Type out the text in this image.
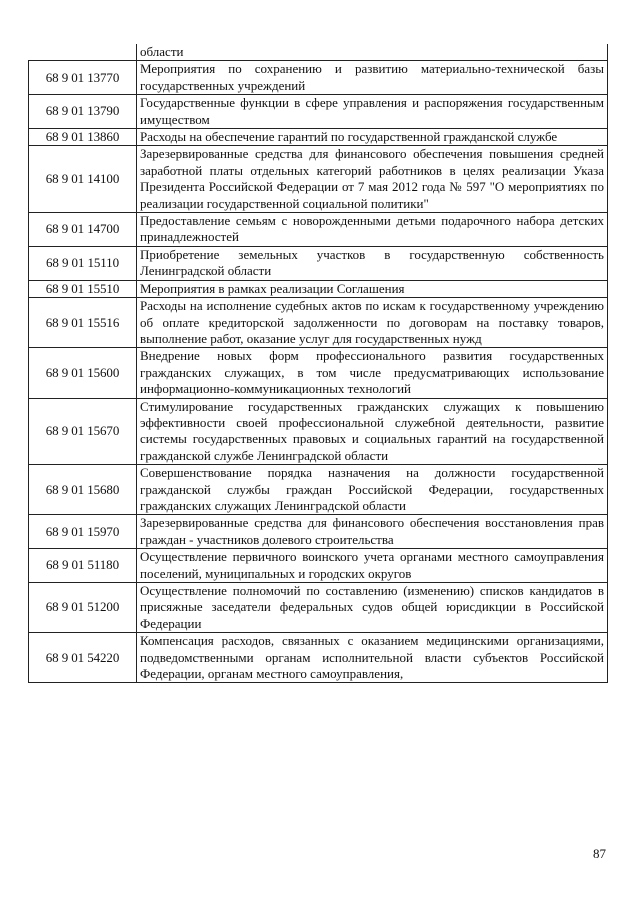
	области
68 9 01 13770	Мероприятия по сохранению и развитию материально-технической базы государственных учреждений
68 9 01 13790	Государственные функции в сфере управления и распоряжения государственным имуществом
68 9 01 13860	Расходы на обеспечение гарантий по государственной гражданской службе
68 9 01 14100	Зарезервированные средства для финансового обеспечения повышения средней заработной платы отдельных категорий работников в целях реализации Указа Президента Российской Федерации от 7 мая 2012 года № 597 "О мероприятиях по реализации государственной социальной политики"
68 9 01 14700	Предоставление семьям с новорожденными детьми подарочного набора детских принадлежностей
68 9 01 15110	Приобретение земельных участков в государственную собственность Ленинградской области
68 9 01 15510	Мероприятия в рамках реализации Соглашения
68 9 01 15516	Расходы на исполнение судебных актов по искам к государственному учреждению об оплате кредиторской задолженности по договорам на поставку товаров, выполнение работ, оказание услуг для государственных нужд
68 9 01 15600	Внедрение новых форм профессионального развития государственных гражданских служащих, в том числе предусматривающих использование информационно-коммуникационных технологий
68 9 01 15670	Стимулирование государственных гражданских служащих к повышению эффективности своей профессиональной служебной деятельности, развитие системы государственных правовых и социальных гарантий на государственной гражданской службе Ленинградской области
68 9 01 15680	Совершенствование порядка назначения на должности государственной гражданской службы граждан Российской Федерации, государственных гражданских служащих Ленинградской области
68 9 01 15970	Зарезервированные средства для финансового обеспечения восстановления прав граждан - участников долевого строительства
68 9 01 51180	Осуществление первичного воинского учета органами местного самоуправления поселений, муниципальных и городских округов
68 9 01 51200	Осуществление полномочий по составлению (изменению) списков кандидатов в присяжные заседатели федеральных судов общей юрисдикции в Российской Федерации
68 9 01 54220	Компенсация расходов, связанных с оказанием медицинскими организациями, подведомственными органам исполнительной власти субъектов Российской Федерации, органам местного самоуправления,
87
